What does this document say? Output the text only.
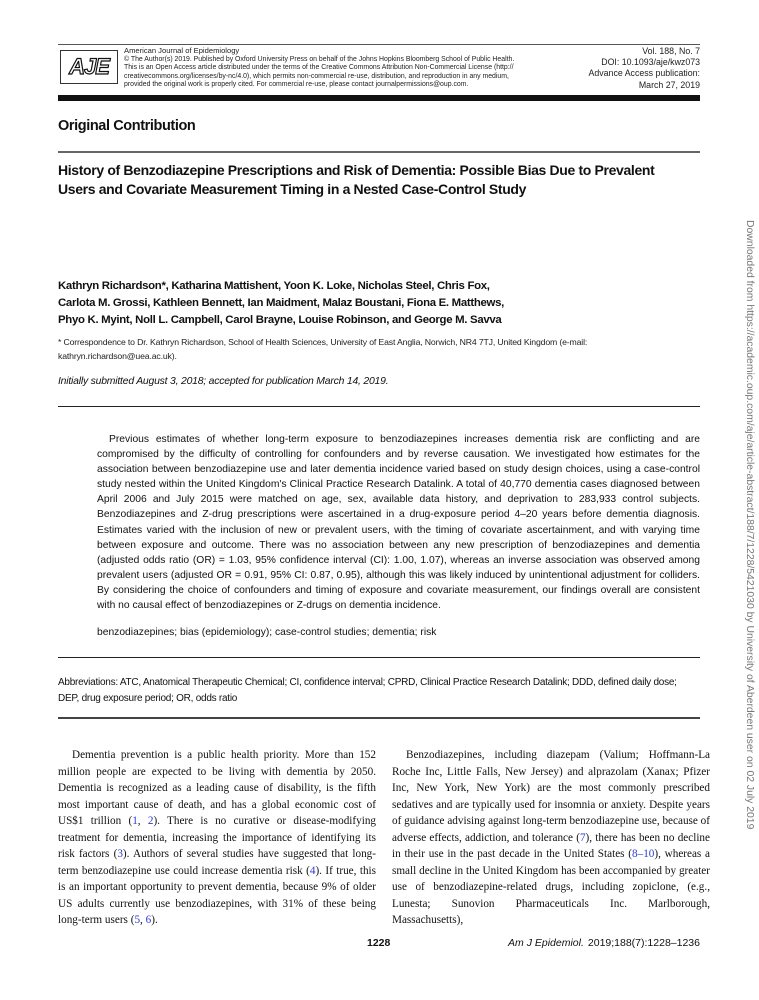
AJE
American Journal of Epidemiology
© The Author(s) 2019. Published by Oxford University Press on behalf of the Johns Hopkins Bloomberg School of Public Health.
This is an Open Access article distributed under the terms of the Creative Commons Attribution Non-Commercial License (http://
creativecommons.org/licenses/by-nc/4.0), which permits non-commercial re-use, distribution, and reproduction in any medium,
provided the original work is properly cited. For commercial re-use, please contact journalpermissions@oup.com.
Vol. 188, No. 7
DOI: 10.1093/aje/kwz073
Advance Access publication:
March 27, 2019
Original Contribution
History of Benzodiazepine Prescriptions and Risk of Dementia: Possible Bias Due to Prevalent Users and Covariate Measurement Timing in a Nested Case-Control Study
Kathryn Richardson*, Katharina Mattishent, Yoon K. Loke, Nicholas Steel, Chris Fox,
Carlota M. Grossi, Kathleen Bennett, Ian Maidment, Malaz Boustani, Fiona E. Matthews,
Phyo K. Myint, Noll L. Campbell, Carol Brayne, Louise Robinson, and George M. Savva
* Correspondence to Dr. Kathryn Richardson, School of Health Sciences, University of East Anglia, Norwich, NR4 7TJ, United Kingdom (e-mail: kathryn.richardson@uea.ac.uk).
Initially submitted August 3, 2018; accepted for publication March 14, 2019.

Previous estimates of whether long-term exposure to benzodiazepines increases dementia risk are conflicting and are compromised by the difficulty of controlling for confounders and by reverse causation. We investigated how estimates for the association between benzodiazepine use and later dementia incidence varied based on study design choices, using a case-control study nested within the United Kingdom's Clinical Practice Research Datalink. A total of 40,770 dementia cases diagnosed between April 2006 and July 2015 were matched on age, sex, available data history, and deprivation to 283,933 control subjects. Benzodiazepines and Z-drug prescriptions were ascertained in a drug-exposure period 4–20 years before dementia diagnosis. Estimates varied with the inclusion of new or prevalent users, with the timing of covariate ascertainment, and with varying time between exposure and outcome. There was no association between any new prescription of benzodiazepines and dementia (adjusted odds ratio (OR) = 1.03, 95% confidence interval (CI): 1.00, 1.07), whereas an inverse association was observed among prevalent users (adjusted OR = 0.91, 95% CI: 0.87, 0.95), although this was likely induced by unintentional adjustment for colliders. By considering the choice of confounders and timing of exposure and covariate measurement, our findings overall are consistent with no causal effect of benzodiazepines or Z-drugs on dementia incidence.

benzodiazepines; bias (epidemiology); case-control studies; dementia; risk
Abbreviations: ATC, Anatomical Therapeutic Chemical; CI, confidence interval; CPRD, Clinical Practice Research Datalink; DDD, defined daily dose; DEP, drug exposure period; OR, odds ratio

Dementia prevention is a public health priority. More than 152 million people are expected to be living with dementia by 2050. Dementia is recognized as a leading cause of disability, is the fifth most important cause of death, and has a global economic cost of US$1 trillion (1, 2). There is no curative or disease-modifying treatment for dementia, increasing the importance of identifying its risk factors (3). Authors of several studies have suggested that long-term benzodiazepine use could increase dementia risk (4). If true, this is an important opportunity to prevent dementia, because 9% of older US adults currently use benzodiazepines, with 31% of these being long-term users (5, 6).

Benzodiazepines, including diazepam (Valium; Hoffmann-La Roche Inc, Little Falls, New Jersey) and alprazolam (Xanax; Pfizer Inc, New York, New York) are the most commonly prescribed sedatives and are typically used for insomnia or anxiety. Despite years of guidance advising against long-term benzodiazepine use, because of adverse effects, addiction, and tolerance (7), there has been no decline in their use in the past decade in the United States (8–10), whereas a small decline in the United Kingdom has been accompanied by greater use of benzodiazepine-related drugs, including zopiclone, (e.g., Lunesta; Sunovion Pharmaceuticals Inc. Marlborough, Massachusetts),

1228	Am J Epidemiol. 2019;188(7):1228–1236
Downloaded from https://academic.oup.com/aje/article-abstract/188/7/1228/5421030 by University of Aberdeen user on 02 July 2019
